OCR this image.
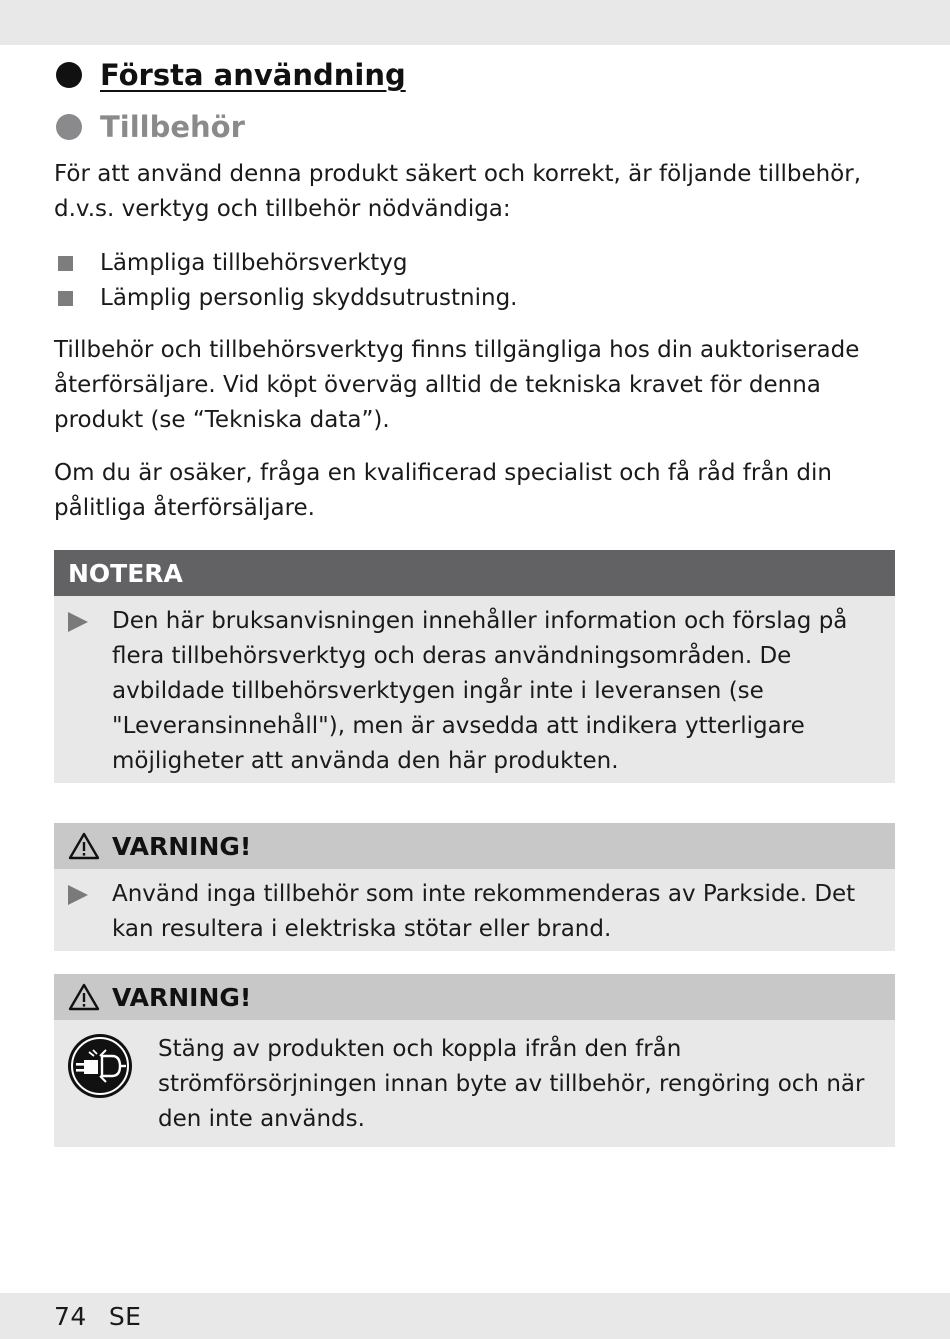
Första användning
Tillbehör
För att använd denna produkt säkert och korrekt, är följande tillbehör, d.v.s. verktyg och tillbehör nödvändiga:
Lämpliga tillbehörsverktyg
Lämplig personlig skyddsutrustning.
Tillbehör och tillbehörsverktyg finns tillgängliga hos din auktoriserade återförsäljare. Vid köpt överväg alltid de tekniska kravet för denna produkt (se “Tekniska data”).
Om du är osäker, fråga en kvalificerad specialist och få råd från din pålitliga återförsäljare.
NOTERA
Den här bruksanvisningen innehåller information och förslag på flera tillbehörsverktyg och deras användningsområden. De avbildade tillbehörsverktygen ingår inte i leveransen (se "Leveransinnehåll"), men är avsedda att indikera ytterligare möjligheter att använda den här produkten.
VARNING!
Använd inga tillbehör som inte rekommenderas av Parkside. Det kan resultera i elektriska stötar eller brand.
VARNING!
Stäng av produkten och koppla ifrån den från strömförsörjningen innan byte av tillbehör, rengöring och när den inte används.
74 SE
